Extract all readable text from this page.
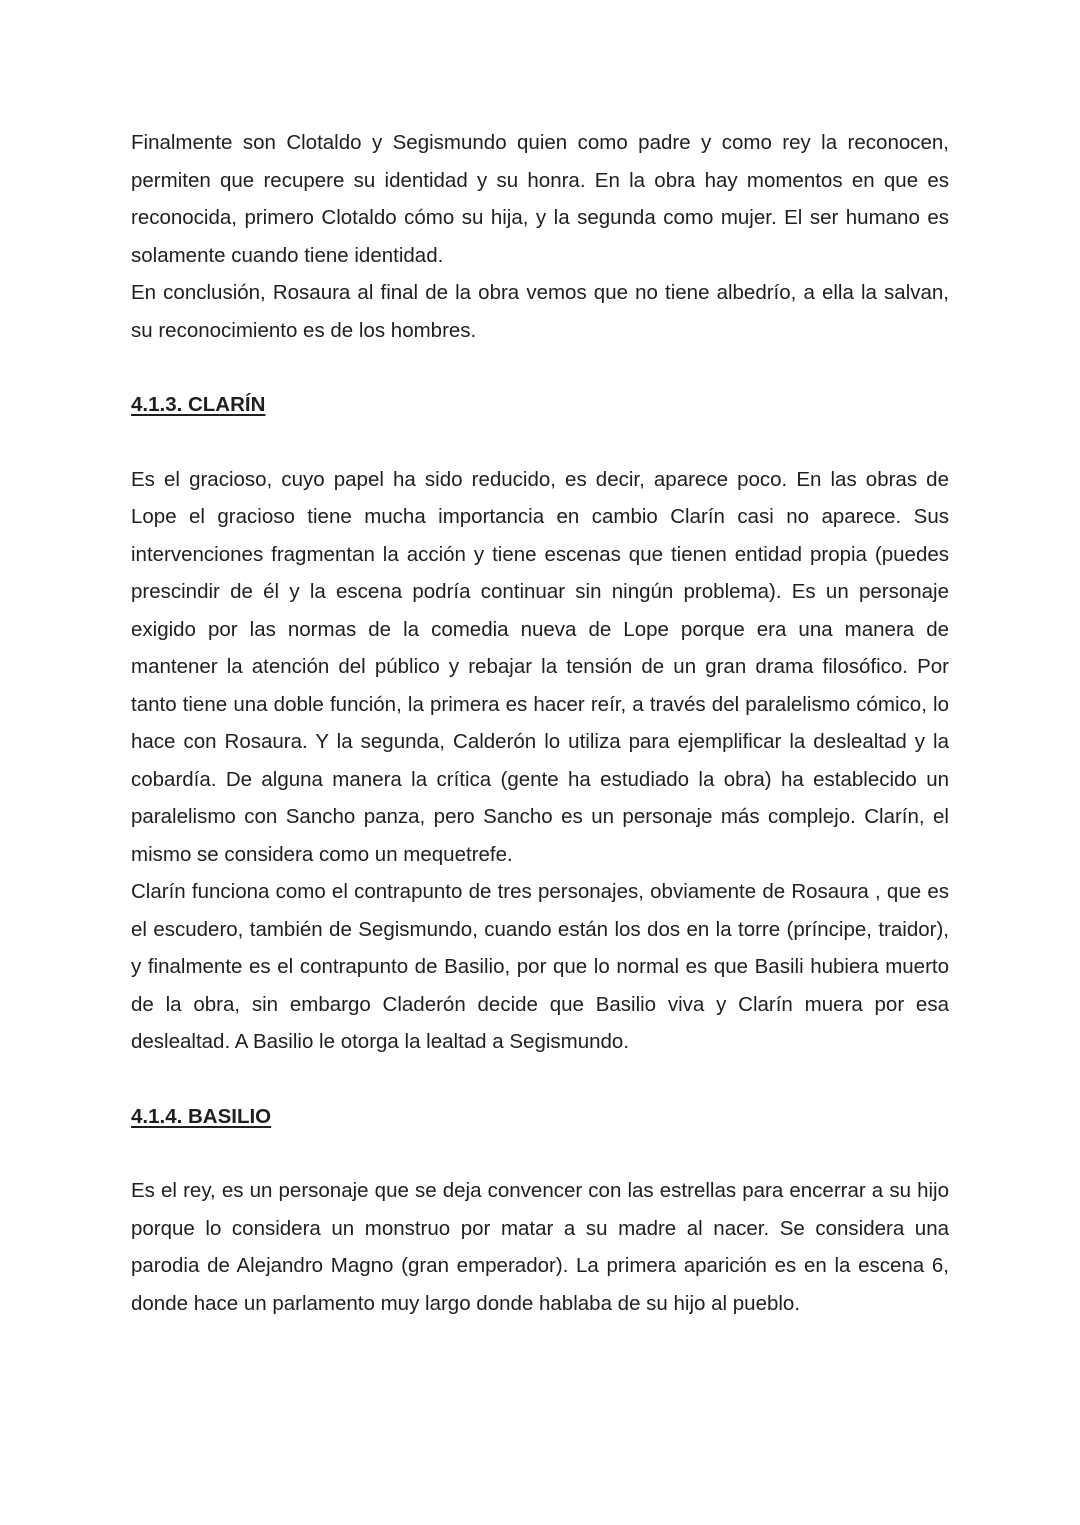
Finalmente son Clotaldo y Segismundo quien como padre y como rey la reconocen, permiten que recupere su identidad y su honra. En la obra hay momentos en que es reconocida, primero Clotaldo cómo su hija, y la segunda como mujer. El ser humano es solamente cuando tiene identidad.

En conclusión, Rosaura al final de la obra vemos que no tiene albedrío, a ella la salvan, su reconocimiento es de los hombres.

4.1.3. CLARÍN

Es el gracioso, cuyo papel ha sido reducido, es decir, aparece poco. En las obras de Lope el gracioso tiene mucha importancia en cambio Clarín casi no aparece. Sus intervenciones fragmentan la acción y tiene escenas que tienen entidad propia (puedes prescindir de él y la escena podría continuar sin ningún problema). Es un personaje exigido por las normas de la comedia nueva de Lope porque era una manera de mantener la atención del público y rebajar la tensión de un gran drama filosófico. Por tanto tiene una doble función, la primera es hacer reír, a través del paralelismo cómico, lo hace con Rosaura. Y la segunda, Calderón lo utiliza para ejemplificar la deslealtad y la cobardía. De alguna manera la crítica (gente ha estudiado la obra) ha establecido un paralelismo con Sancho panza, pero Sancho es un personaje más complejo. Clarín, el mismo se considera como un mequetrefe.

Clarín funciona como el contrapunto de tres personajes, obviamente de Rosaura , que es el escudero, también de Segismundo, cuando están los dos en la torre (príncipe, traidor), y finalmente es el contrapunto de Basilio, por que lo normal es que Basili hubiera muerto de la obra, sin embargo Claderón decide que Basilio viva y Clarín muera por esa deslealtad. A Basilio le otorga la lealtad a Segismundo.

4.1.4. BASILIO

Es el rey, es un personaje que se deja convencer con las estrellas para encerrar a su hijo porque lo considera un monstruo por matar a su madre al nacer. Se considera una parodia de Alejandro Magno (gran emperador). La primera aparición es en la escena 6, donde hace un parlamento muy largo donde hablaba de su hijo al pueblo.
